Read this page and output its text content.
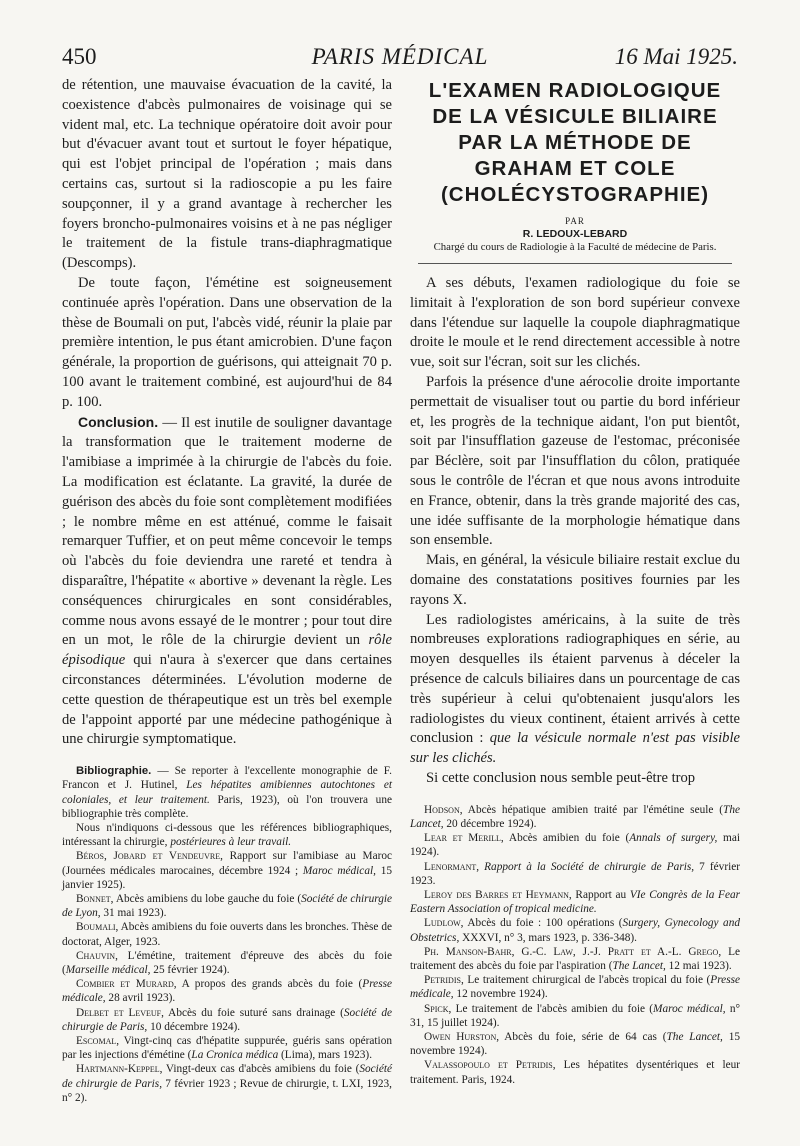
450	PARIS MÉDICAL	16 Mai 1925.

de rétention, une mauvaise évacuation de la cavité, la coexistence d'abcès pulmonaires de voisinage qui se vident mal, etc. La technique opératoire doit avoir pour but d'évacuer avant tout et surtout le foyer hépatique, qui est l'objet principal de l'opération ; mais dans certains cas, surtout si la radioscopie a pu les faire soupçonner, il y a grand avantage à rechercher les foyers broncho-pulmonaires voisins et à ne pas négliger le traitement de la fistule trans-diaphragmatique (Descomps).

De toute façon, l'émétine est soigneusement continuée après l'opération. Dans une observation de la thèse de Boumali on put, l'abcès vidé, réunir la plaie par première intention, le pus étant amicrobien. D'une façon générale, la proportion de guérisons, qui atteignait 70 p. 100 avant le traitement combiné, est aujourd'hui de 84 p. 100.

Conclusion. — Il est inutile de souligner davantage la transformation que le traitement moderne de l'amibiase a imprimée à la chirurgie de l'abcès du foie. La modification est éclatante. La gravité, la durée de guérison des abcès du foie sont complètement modifiées ; le nombre même en est atténué, comme le faisait remarquer Tuffier, et on peut même concevoir le temps où l'abcès du foie deviendra une rareté et tendra à disparaître, l'hépatite « abortive » devenant la règle. Les conséquences chirurgicales en sont considérables, comme nous avons essayé de le montrer ; pour tout dire en un mot, le rôle de la chirurgie devient un rôle épisodique qui n'aura à s'exercer que dans certaines circonstances déterminées. L'évolution moderne de cette question de thérapeutique est un très bel exemple de l'appoint apporté par une médecine pathogénique à une chirurgie symptomatique.

Bibliographie. — Se reporter à l'excellente monographie de F. Francon et J. Hutinel, Les hépatites amibiennes autochtones et coloniales, et leur traitement. Paris, 1923), où l'on trouvera une bibliographie très complète.

Nous n'indiquons ci-dessous que les références bibliographiques, intéressant la chirurgie, postérieures à leur travail.

Béros, Jobard et Vendeuvre, Rapport sur l'amibiase au Maroc (Journées médicales marocaines, décembre 1924 ; Maroc médical, 15 janvier 1925).

Bonnet, Abcès amibiens du lobe gauche du foie (Société de chirurgie de Lyon, 31 mai 1923).

Boumali, Abcès amibiens du foie ouverts dans les bronches. Thèse de doctorat, Alger, 1923.

Chauvin, L'émétine, traitement d'épreuve des abcès du foie (Marseille médical, 25 février 1924).

Combier et Murard, A propos des grands abcès du foie (Presse médicale, 28 avril 1923).

Delbet et Leveuf, Abcès du foie suturé sans drainage (Société de chirurgie de Paris, 10 décembre 1924).

Escomal, Vingt-cinq cas d'hépatite suppurée, guéris sans opération par les injections d'émétine (La Cronica médica (Lima), mars 1923).

Hartmann-Keppel, Vingt-deux cas d'abcès amibiens du foie (Société de chirurgie de Paris, 7 février 1923 ; Revue de chirurgie, t. LXI, 1923, n° 2).

L'EXAMEN RADIOLOGIQUE
DE LA VÉSICULE BILIAIRE
PAR LA MÉTHODE DE
GRAHAM ET COLE
(CHOLÉCYSTOGRAPHIE)
PAR
R. LEDOUX-LEBARD
Chargé du cours de Radiologie à la Faculté de médecine de Paris.

A ses débuts, l'examen radiologique du foie se limitait à l'exploration de son bord supérieur convexe dans l'étendue sur laquelle la coupole diaphragmatique droite le moule et le rend directement accessible à notre vue, soit sur l'écran, soit sur les clichés.

Parfois la présence d'une aérocolie droite importante permettait de visualiser tout ou partie du bord inférieur et, les progrès de la technique aidant, l'on put bientôt, soit par l'insufflation gazeuse de l'estomac, préconisée par Béclère, soit par l'insufflation du côlon, pratiquée sous le contrôle de l'écran et que nous avons introduite en France, obtenir, dans la très grande majorité des cas, une idée suffisante de la morphologie hématique dans son ensemble.

Mais, en général, la vésicule biliaire restait exclue du domaine des constatations positives fournies par les rayons X.

Les radiologistes américains, à la suite de très nombreuses explorations radiographiques en série, au moyen desquelles ils étaient parvenus à déceler la présence de calculs biliaires dans un pourcentage de cas très supérieur à celui qu'obtenaient jusqu'alors les radiologistes du vieux continent, étaient arrivés à cette conclusion : que la vésicule normale n'est pas visible sur les clichés.

Si cette conclusion nous semble peut-être trop

Hodson, Abcès hépatique amibien traité par l'émétine seule (The Lancet, 20 décembre 1924).

Lear et Merill, Abcès amibien du foie (Annals of surgery, mai 1924).

Lenormant, Rapport à la Société de chirurgie de Paris, 7 février 1923.

Leroy des Barres et Heymann, Rapport au VIe Congrès de la Fear Eastern Association of tropical medicine.

Ludlow, Abcès du foie : 100 opérations (Surgery, Gynecology and Obstetrics, XXXVI, n° 3, mars 1923, p. 336-348).

Ph. Manson-Bahr, G.-C. Law, J.-J. Pratt et A.-L. Grego, Le traitement des abcès du foie par l'aspiration (The Lancet, 12 mai 1923).

Petridis, Le traitement chirurgical de l'abcès tropical du foie (Presse médicale, 12 novembre 1924).

Spick, Le traitement de l'abcès amibien du foie (Maroc médical, n° 31, 15 juillet 1924).

Owen Hurston, Abcès du foie, série de 64 cas (The Lancet, 15 novembre 1924).

Valassopoulo et Petridis, Les hépatites dysentériques et leur traitement. Paris, 1924.
